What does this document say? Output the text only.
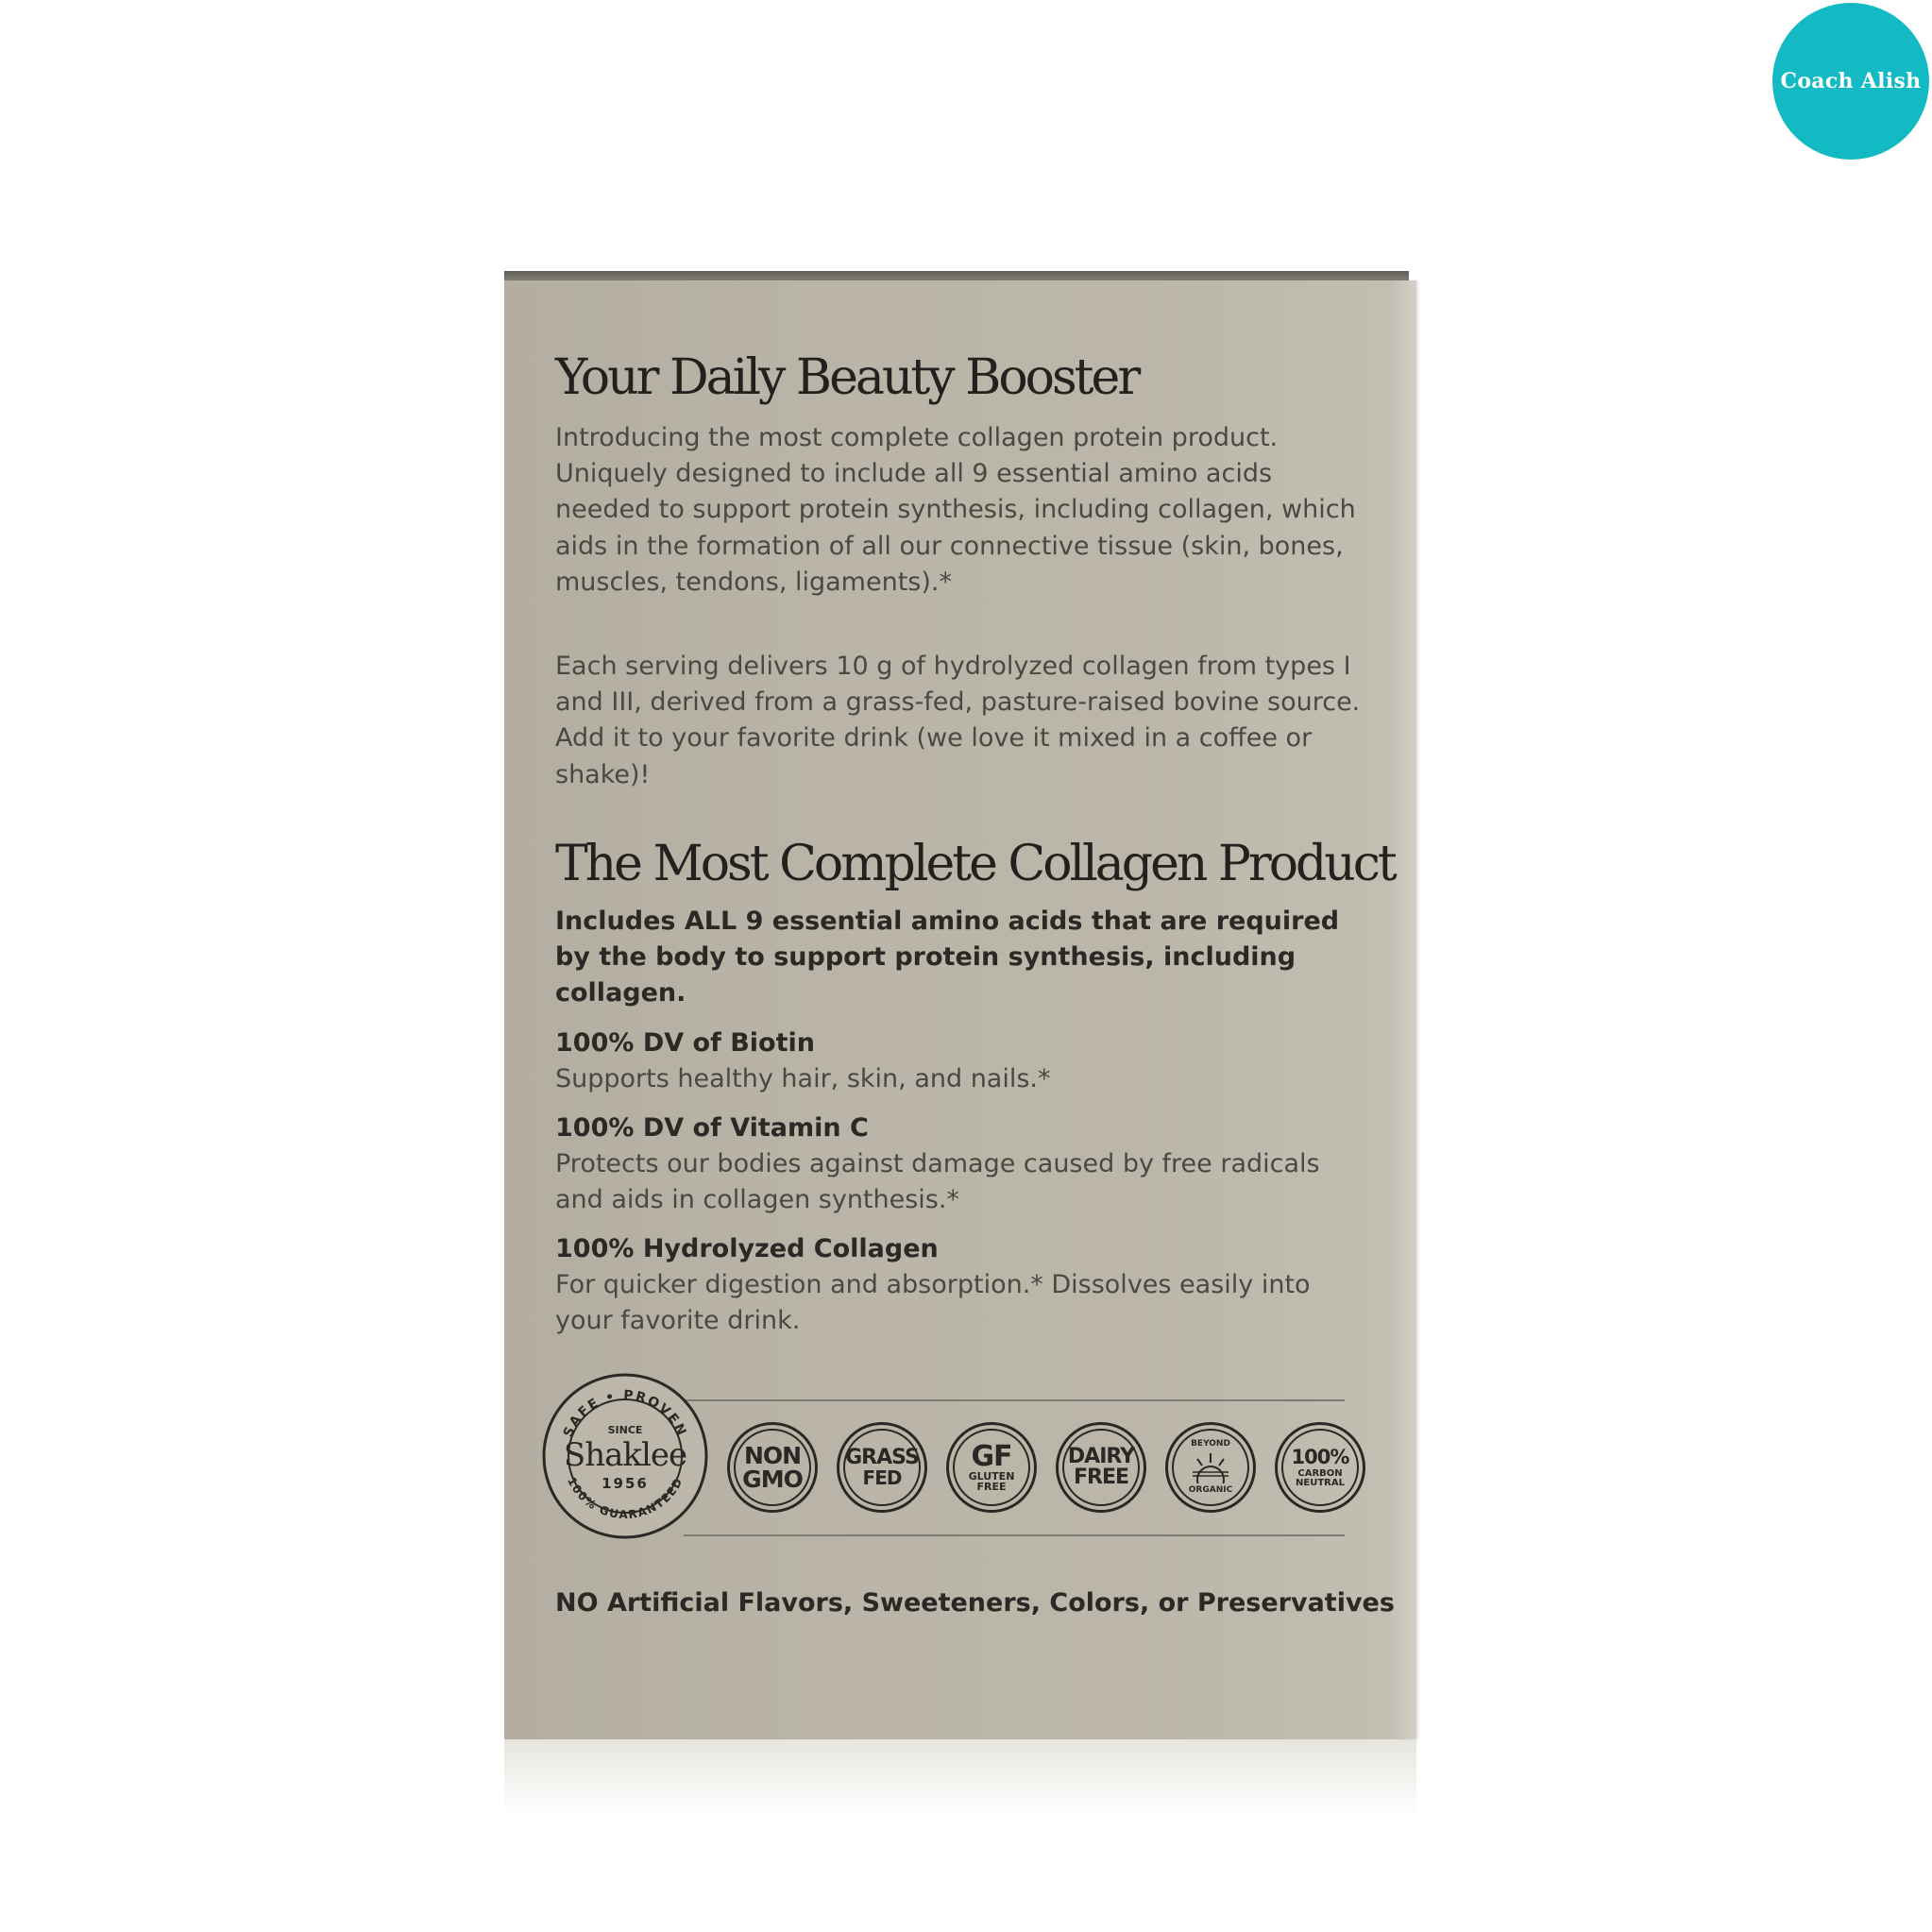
Coach Alish
Your Daily Beauty Booster
Introducing the most complete collagen protein product. Uniquely designed to include all 9 essential amino acids needed to support protein synthesis, including collagen, which aids in the formation of all our connective tissue (skin, bones, muscles, tendons, ligaments).*
Each serving delivers 10 g of hydrolyzed collagen from types I and III, derived from a grass-fed, pasture-raised bovine source. Add it to your favorite drink (we love it mixed in a coffee or shake)!
The Most Complete Collagen Product
Includes ALL 9 essential amino acids that are required by the body to support protein synthesis, including collagen.
100% DV of Biotin
Supports healthy hair, skin, and nails.*
100% DV of Vitamin C
Protects our bodies against damage caused by free radicals and aids in collagen synthesis.*
100% Hydrolyzed Collagen
For quicker digestion and absorption.* Dissolves easily into your favorite drink.
SAFE • PROVEN
100% GUARANTEED
SINCE
Shaklee
1956
NON
GMO
GRASS
FED
GF
GLUTEN FREE
DAIRY
FREE
BEYOND
ORGANIC
100%
CARBON NEUTRAL
NO Artificial Flavors, Sweeteners, Colors, or Preservatives
